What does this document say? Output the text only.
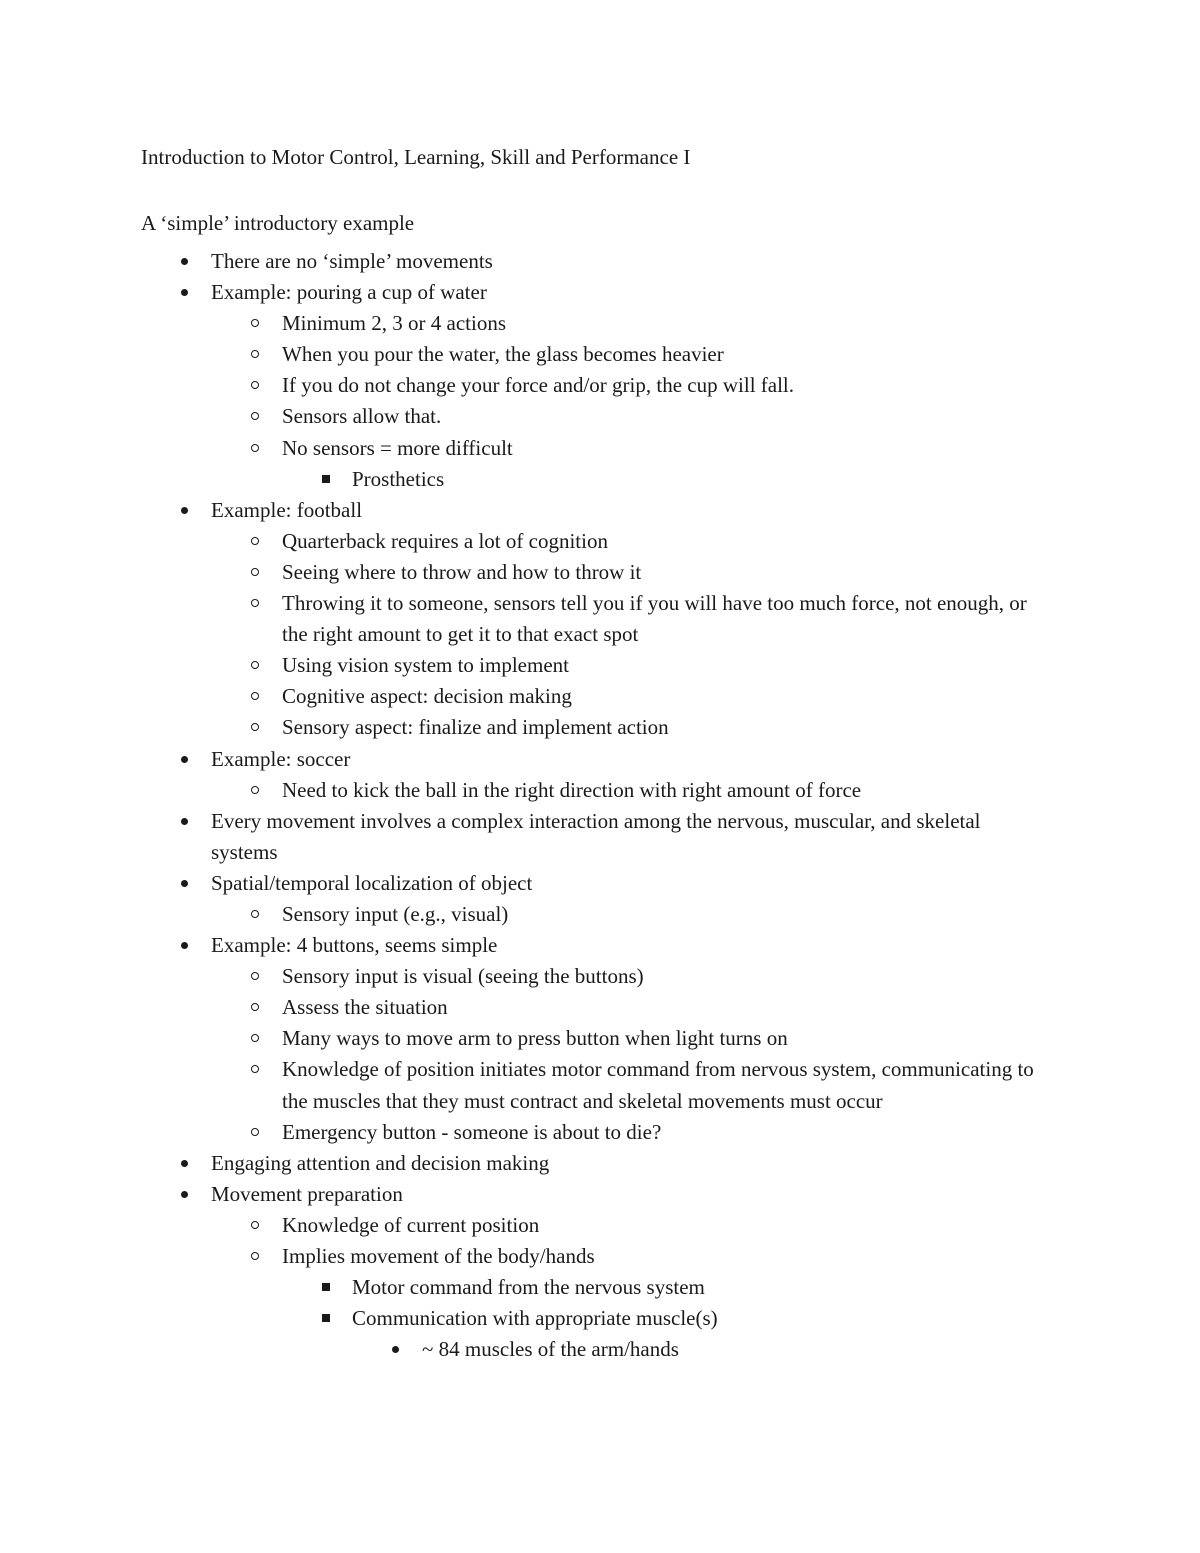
Introduction to Motor Control, Learning, Skill and Performance I
A ‘simple’ introductory example
There are no ‘simple’ movements
Example: pouring a cup of water
Minimum 2, 3 or 4 actions
When you pour the water, the glass becomes heavier
If you do not change your force and/or grip, the cup will fall.
Sensors allow that.
No sensors = more difficult
Prosthetics
Example: football
Quarterback requires a lot of cognition
Seeing where to throw and how to throw it
Throwing it to someone, sensors tell you if you will have too much force, not enough, or the right amount to get it to that exact spot
Using vision system to implement
Cognitive aspect: decision making
Sensory aspect: finalize and implement action
Example: soccer
Need to kick the ball in the right direction with right amount of force
Every movement involves a complex interaction among the nervous, muscular, and skeletal systems
Spatial/temporal localization of object
Sensory input (e.g., visual)
Example: 4 buttons, seems simple
Sensory input is visual (seeing the buttons)
Assess the situation
Many ways to move arm to press button when light turns on
Knowledge of position initiates motor command from nervous system, communicating to the muscles that they must contract and skeletal movements must occur
Emergency button - someone is about to die?
Engaging attention and decision making
Movement preparation
Knowledge of current position
Implies movement of the body/hands
Motor command from the nervous system
Communication with appropriate muscle(s)
~ 84 muscles of the arm/hands
